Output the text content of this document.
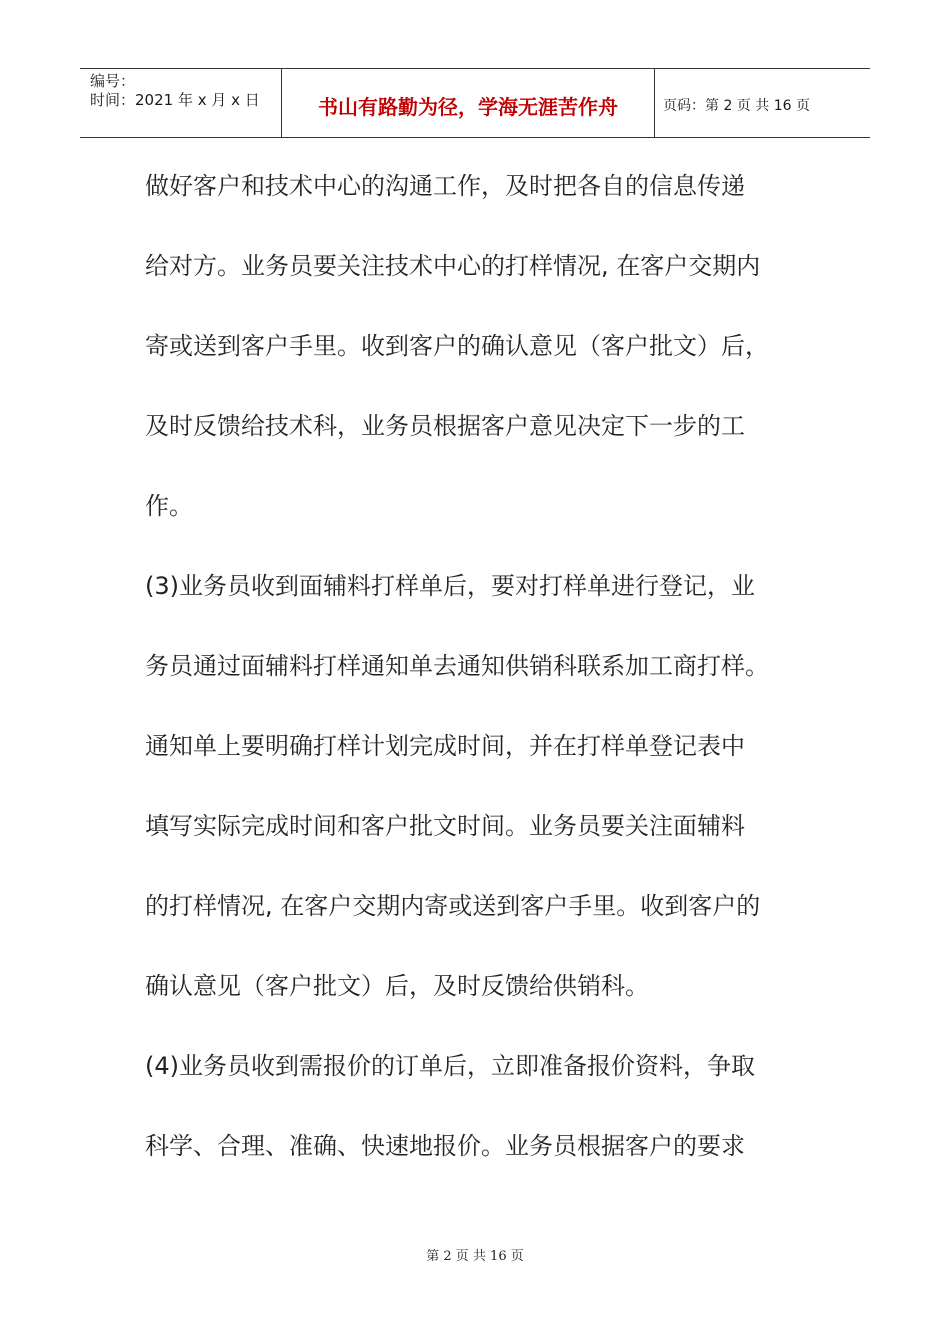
编号：
时间：2021 年 x 月 x 日	书山有路勤为径，学海无涯苦作舟	页码：第 2 页 共 16 页

做好客户和技术中心的沟通工作，及时把各自的信息传递

给对方。业务员要关注技术中心的打样情况, 在客户交期内

寄或送到客户手里。收到客户的确认意见（客户批文）后，

及时反馈给技术科，业务员根据客户意见决定下一步的工

作。

(3)业务员收到面辅料打样单后，要对打样单进行登记，业

务员通过面辅料打样通知单去通知供销科联系加工商打样。

通知单上要明确打样计划完成时间，并在打样单登记表中

填写实际完成时间和客户批文时间。业务员要关注面辅料

的打样情况, 在客户交期内寄或送到客户手里。收到客户的

确认意见（客户批文）后，及时反馈给供销科。

(4)业务员收到需报价的订单后，立即准备报价资料，争取

科学、合理、准确、快速地报价。业务员根据客户的要求

第 2 页 共 16 页
